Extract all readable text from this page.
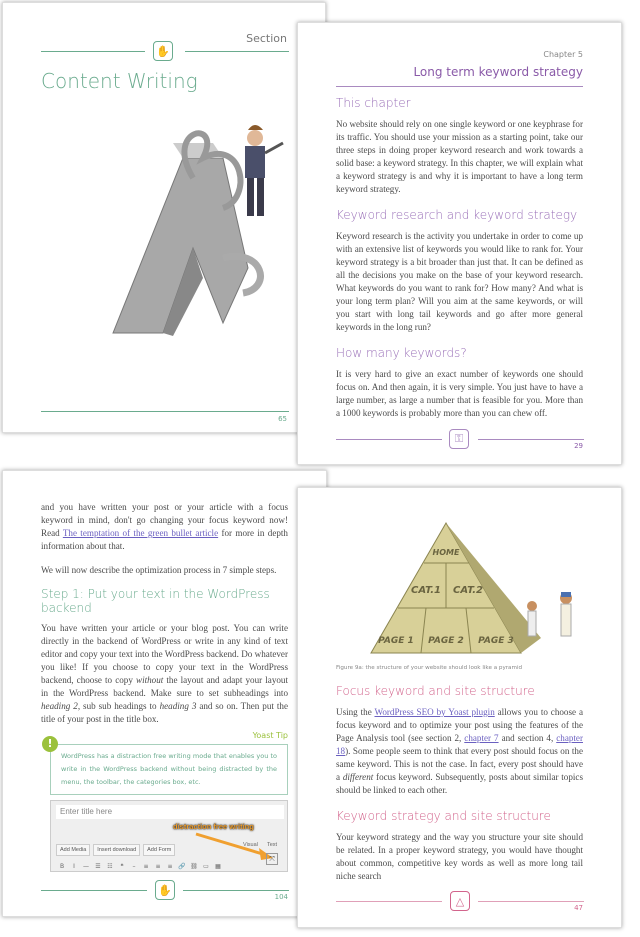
Section
✋
Content Writing
65
Chapter 5
Long term keyword strategy
This chapter

No website should rely on one single keyword or one keyphrase for its traffic. You should use your mission as a starting point, take our three steps in doing proper keyword research and work towards a solid base: a keyword strategy. In this chapter, we will explain what a keyword strategy is and why it is important to have a long term keyword strategy.

Keyword research and keyword strategy

Keyword research is the activity you undertake in order to come up with an extensive list of keywords you would like to rank for. Your keyword strategy is a bit broader than just that. It can be defined as all the decisions you make on the base of your keyword research. What keywords do you want to rank for? How many? And what is your long term plan? Will you aim at the same keywords, or will you start with long tail keywords and go after more general keywords in the long run?

How many keywords?

It is very hard to give an exact number of keywords one should focus on. And then again, it is very simple. You just have to have a large number, as large a number that is feasible for you. More than a 1000 keywords is probably more than you can chew off.

⚿
29

and you have written your post or your article with a focus keyword in mind, don't go changing your focus keyword now! Read The temptation of the green bullet article for more in depth information about that.

We will now describe the optimization process in 7 simple steps.

Step 1: Put your text in the WordPress backend

You have written your article or your blog post. You can write directly in the backend of WordPress or write in any kind of text editor and copy your text into the WordPress backend. Do whatever you like! If you choose to copy your text in the WordPress backend, choose to copy without the layout and adapt your layout in the WordPress backend. Make sure to set subheadings into heading 2, sub sub headings to heading 3 and so on. Then put the title of your post in the title box.

Yoast Tip
WordPress has a distraction free writing mode that enables you to write in the WordPress backend without being distracted by the menu, the toolbar, the categories box, etc.
!
Enter title here
distraction free writing
Add Media Insert download Add Form
Visual Text
B I — ☰ ☷ ❝ – ≡ ≡ ≡ 🔗 ⛓ ▭ ▦
⤧
✋
104
HOME
CAT.1 CAT.2
PAGE 1 PAGE 2 PAGE 3
Figure 9a: the structure of your website should look like a pyramid
Focus keyword and site structure

Using the WordPress SEO by Yoast plugin allows you to choose a focus keyword and to optimize your post using the features of the Page Analysis tool (see section 2, chapter 7 and section 4, chapter 18). Some people seem to think that every post should focus on the same keyword. This is not the case. In fact, every post should have a different focus keyword. Subsequently, posts about similar topics should be linked to each other.

Keyword strategy and site structure

Your keyword strategy and the way you structure your site should be related. In a proper keyword strategy, you would have thought about common, competitive key words as well as more long tail niche search

△
47
